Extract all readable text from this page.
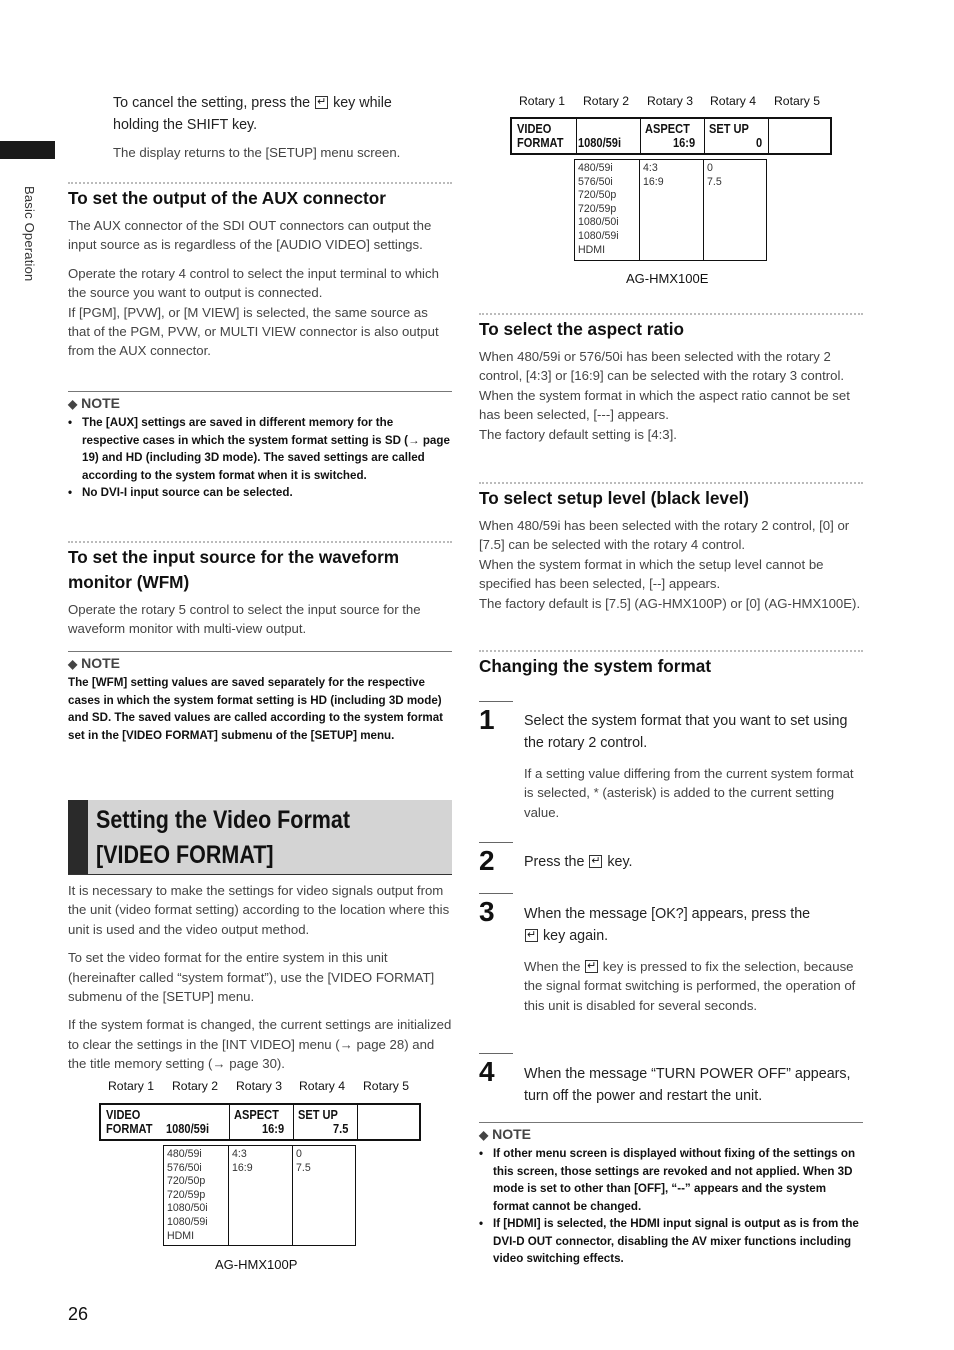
Basic Operation
26

To cancel the setting, press the ↵ key while
holding the SHIFT key.

The display returns to the [SETUP] menu screen.

To set the output of the AUX connector

The AUX connector of the SDI OUT connectors can output the input source as is regardless of the [AUDIO VIDEO] settings.

Operate the rotary 4 control to select the input terminal to which the source you want to output is connected.

If [PGM], [PVW], or [M VIEW] is selected, the same source as that of the PGM, PVW, or MULTI VIEW connector is also output from the AUX connector.

◆ NOTE
• The [AUX] settings are saved in different memory for the respective cases in which the system format setting is SD (→ page 19) and HD (including 3D mode). The saved settings are called according to the system format when it is switched.
• No DVI-I input source can be selected.
To set the input source for the waveform
monitor (WFM)

Operate the rotary 5 control to select the input source for the waveform monitor with multi-view output.

◆ NOTE

The [WFM] setting values are saved separately for the respective cases in which the system format setting is HD (including 3D mode) and SD. The saved values are called according to the system format set in the [VIDEO FORMAT] submenu of the [SETUP] menu.

Setting the Video Format
[VIDEO FORMAT]

It is necessary to make the settings for video signals output from the unit (video format setting) according to the location where this unit is used and the video output method.

To set the video format for the entire system in this unit (hereinafter called “system format”), use the [VIDEO FORMAT] submenu of the [SETUP] menu.

If the system format is changed, the current settings are initialized to clear the settings in the [INT VIDEO] menu (→ page 28) and the title memory setting (→ page 30).

Rotary 1 Rotary 2 Rotary 3 Rotary 4 Rotary 5
VIDEO
FORMAT 1080/59i
ASPECT
16:9
SET UP
7.5
480/59i
576/50i
720/50p
720/59p
1080/50i
1080/59i
HDMI
4:3
16:9
0
7.5
AG-HMX100P
Rotary 1 Rotary 2 Rotary 3 Rotary 4 Rotary 5
VIDEO
FORMAT 1080/59i
ASPECT
16:9
SET UP
0
480/59i
576/50i
720/50p
720/59p
1080/50i
1080/59i
HDMI
4:3
16:9
0
7.5
AG-HMX100E
To select the aspect ratio

When 480/59i or 576/50i has been selected with the rotary 2 control, [4:3] or [16:9] can be selected with the rotary 3 control.

When the system format in which the aspect ratio cannot be set has been selected, [---] appears.

The factory default setting is [4:3].

To select setup level (black level)

When 480/59i has been selected with the rotary 2 control, [0] or [7.5] can be selected with the rotary 4 control.

When the system format in which the setup level cannot be specified has been selected, [--] appears.

The factory default is [7.5] (AG-HMX100P) or [0] (AG-HMX100E).

Changing the system format
1 Select the system format that you want to set using the rotary 2 control.

If a setting value differing from the current system format is selected, * (asterisk) is added to the current setting value.

2 Press the ↵ key.

3 When the message [OK?] appears, press the
↵ key again.

When the ↵ key is pressed to fix the selection, because the signal format switching is performed, the operation of this unit is disabled for several seconds.

4 When the message “TURN POWER OFF” appears, turn off the power and restart the unit.

◆ NOTE
• If other menu screen is displayed without fixing of the settings on this screen, those settings are revoked and not applied. When 3D mode is set to other than [OFF], “--” appears and the system format cannot be changed.
• If [HDMI] is selected, the HDMI input signal is output as is from the DVI-D OUT connector, disabling the AV mixer functions including video switching effects.
